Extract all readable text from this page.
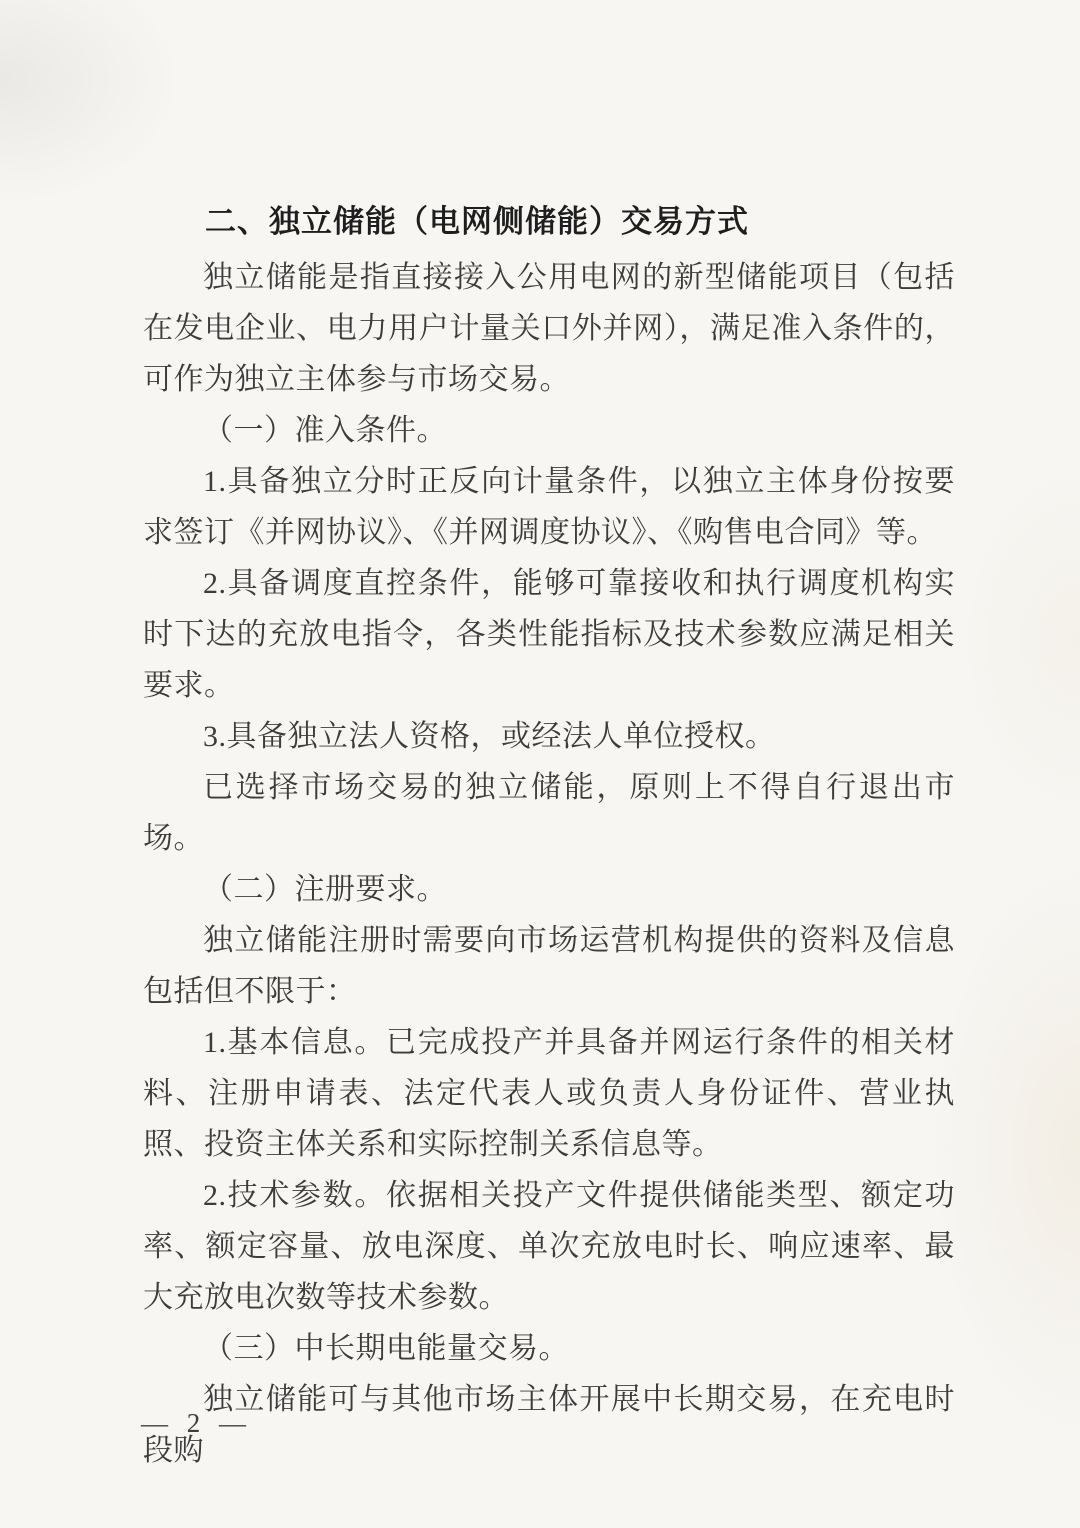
二、独立储能（电网侧储能）交易方式

独立储能是指直接接入公用电网的新型储能项目（包括在发电企业、电力用户计量关口外并网），满足准入条件的，可作为独立主体参与市场交易。

（一）准入条件。

1.具备独立分时正反向计量条件，以独立主体身份按要求签订《并网协议》、《并网调度协议》、《购售电合同》等。

2.具备调度直控条件，能够可靠接收和执行调度机构实时下达的充放电指令，各类性能指标及技术参数应满足相关要求。

3.具备独立法人资格，或经法人单位授权。

已选择市场交易的独立储能，原则上不得自行退出市场。

（二）注册要求。

独立储能注册时需要向市场运营机构提供的资料及信息包括但不限于：

1.基本信息。已完成投产并具备并网运行条件的相关材料、注册申请表、法定代表人或负责人身份证件、营业执照、投资主体关系和实际控制关系信息等。

2.技术参数。依据相关投产文件提供储能类型、额定功率、额定容量、放电深度、单次充放电时长、响应速率、最大充放电次数等技术参数。

（三）中长期电能量交易。

独立储能可与其他市场主体开展中长期交易，在充电时段购

— 2 —
